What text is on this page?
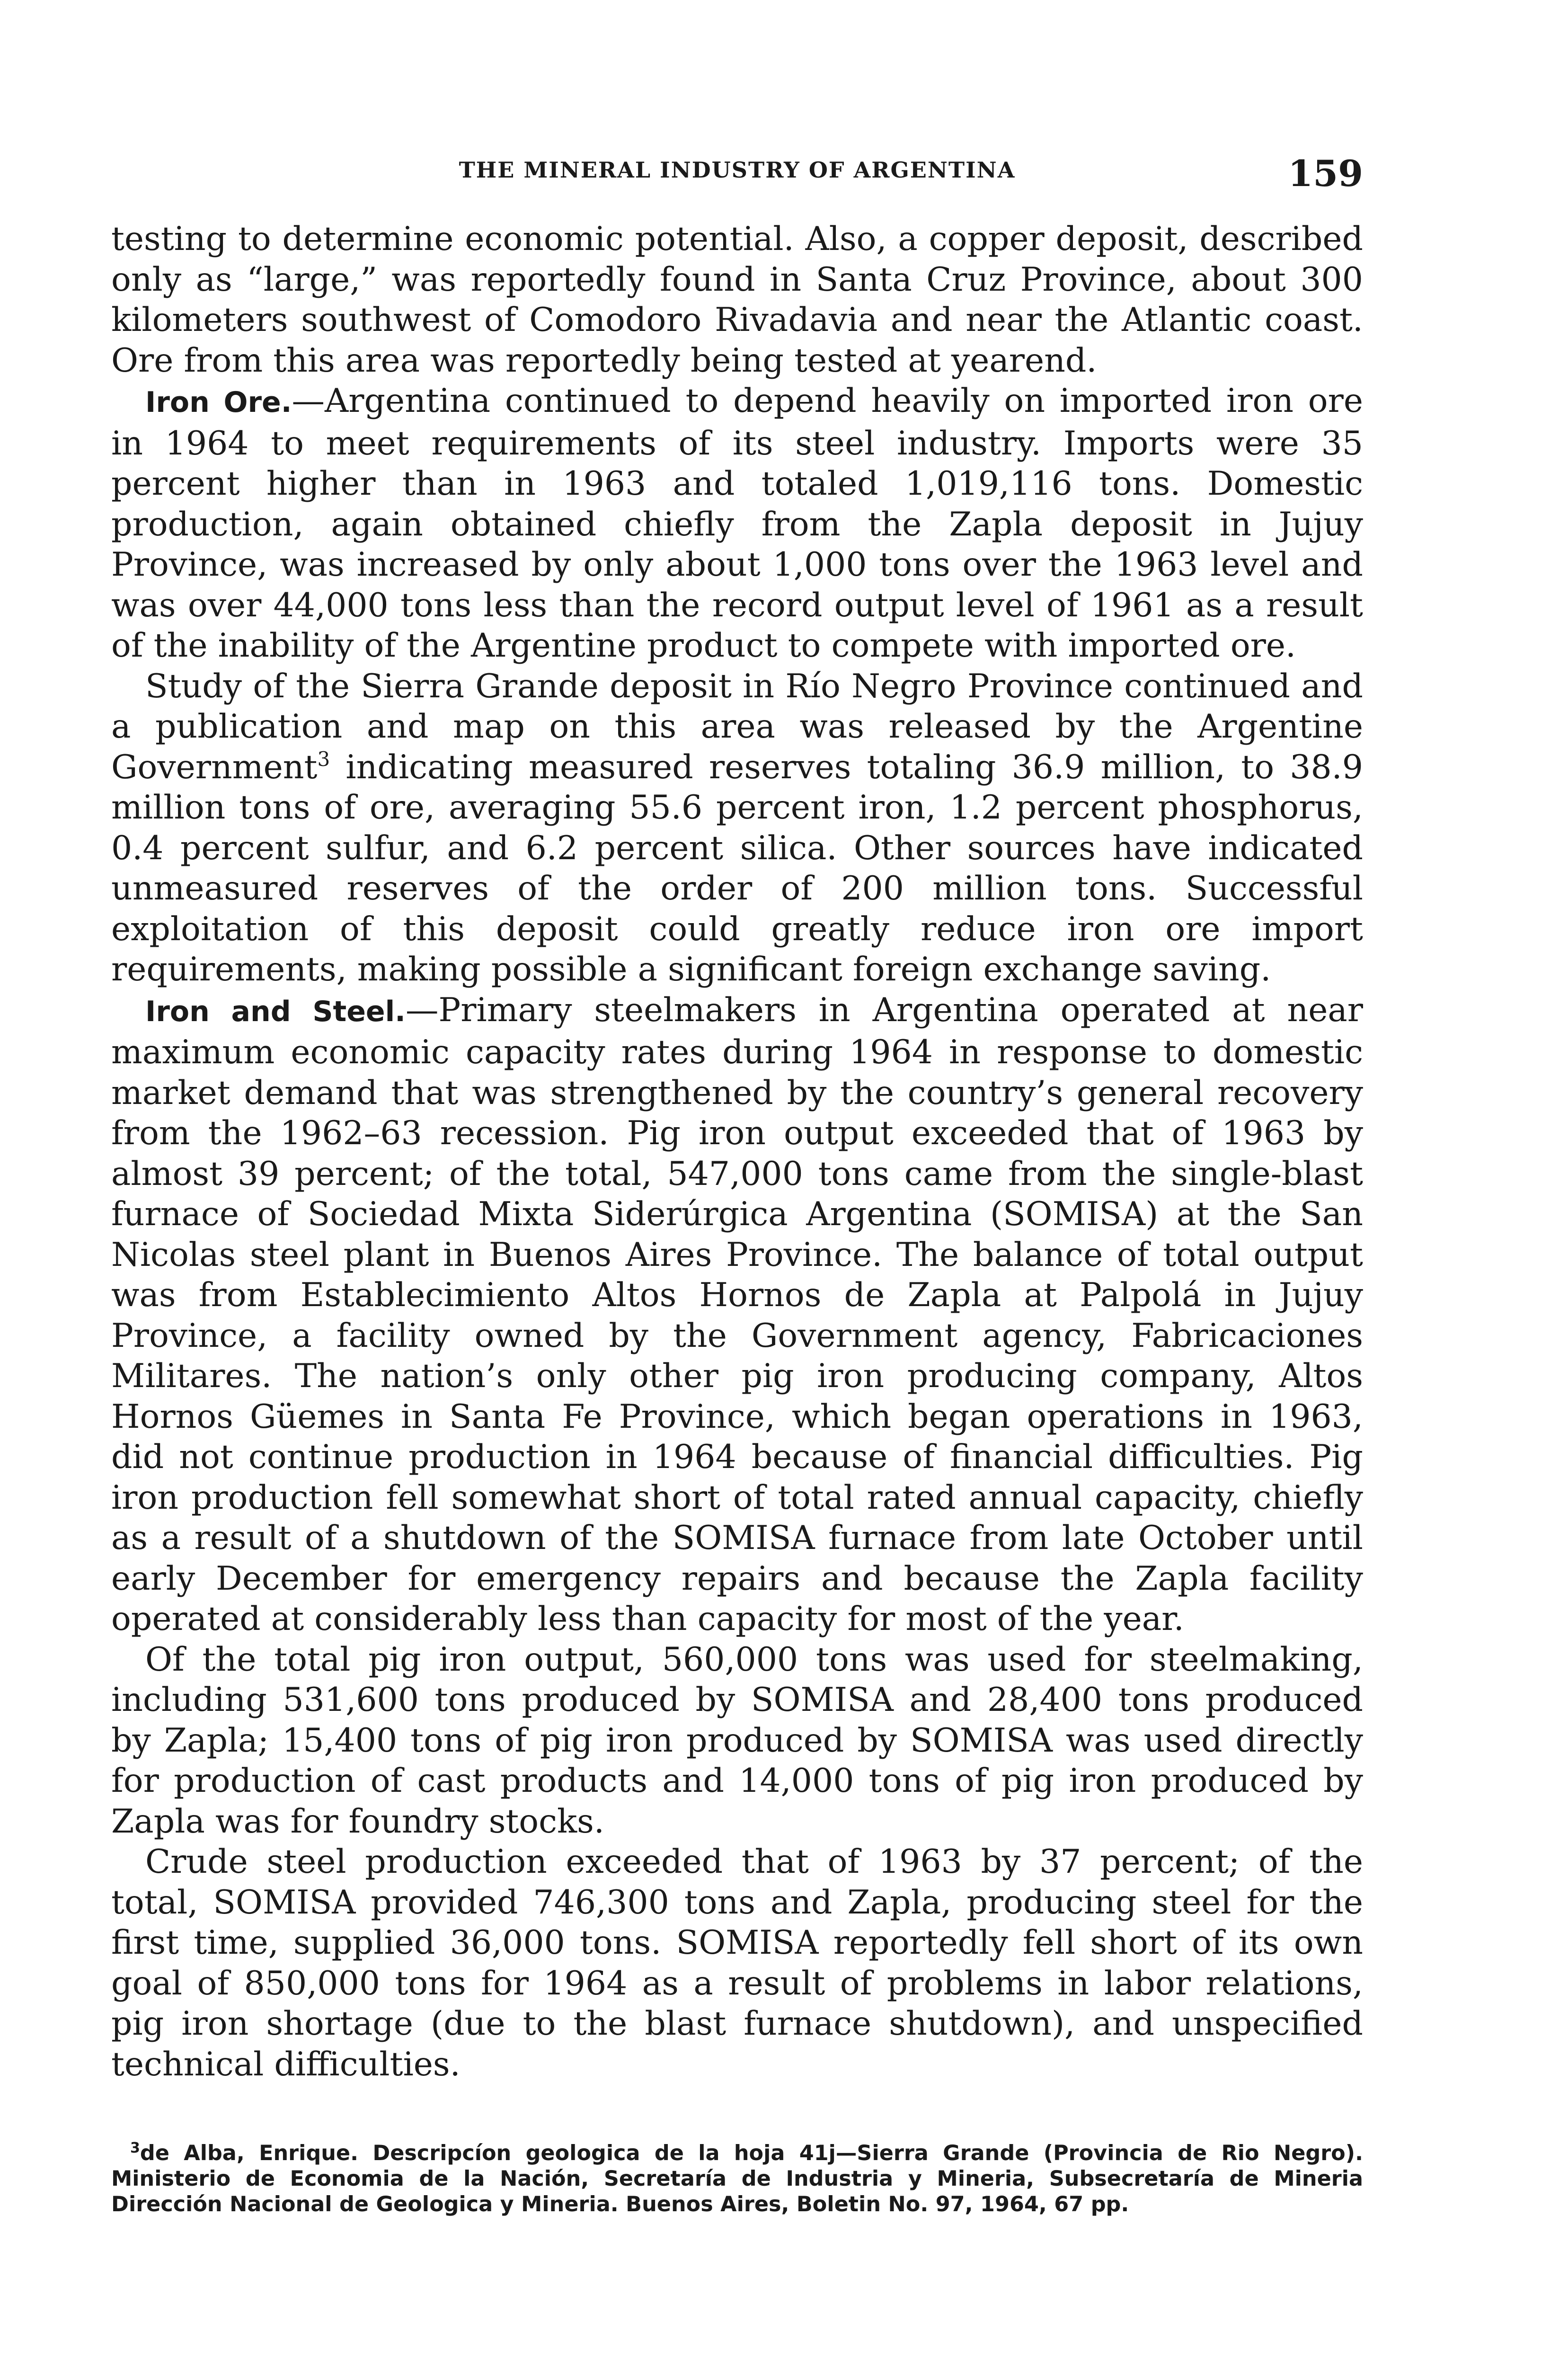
THE MINERAL INDUSTRY OF ARGENTINA	159

testing to determine economic potential. Also, a copper deposit, described only as “large,” was reportedly found in Santa Cruz Province, about 300 kilometers southwest of Comodoro Rivadavia and near the Atlantic coast. Ore from this area was reportedly being tested at yearend.

Iron Ore.—Argentina continued to depend heavily on imported iron ore in 1964 to meet requirements of its steel industry. Imports were 35 percent higher than in 1963 and totaled 1,019,116 tons. Domestic production, again obtained chiefly from the Zapla deposit in Jujuy Province, was increased by only about 1,000 tons over the 1963 level and was over 44,000 tons less than the record output level of 1961 as a result of the inability of the Argentine product to compete with imported ore.

Study of the Sierra Grande deposit in Río Negro Province continued and a publication and map on this area was released by the Argentine Government$^3$ indicating measured reserves totaling 36.9 million, to 38.9 million tons of ore, averaging 55.6 percent iron, 1.2 percent phosphorus, 0.4 percent sulfur, and 6.2 percent silica. Other sources have indicated unmeasured reserves of the order of 200 million tons. Successful exploitation of this deposit could greatly reduce iron ore import requirements, making possible a significant foreign exchange saving.

Iron and Steel.—Primary steelmakers in Argentina operated at near maximum economic capacity rates during 1964 in response to domestic market demand that was strengthened by the country’s general recovery from the 1962–63 recession. Pig iron output exceeded that of 1963 by almost 39 percent; of the total, 547,000 tons came from the single-blast furnace of Sociedad Mixta Siderúrgica Argentina (SOMISA) at the San Nicolas steel plant in Buenos Aires Province. The balance of total output was from Establecimiento Altos Hornos de Zapla at Palpolá in Jujuy Province, a facility owned by the Government agency, Fabricaciones Militares. The nation’s only other pig iron producing company, Altos Hornos Güemes in Santa Fe Province, which began operations in 1963, did not continue production in 1964 because of financial difficulties. Pig iron production fell somewhat short of total rated annual capacity, chiefly as a result of a shutdown of the SOMISA furnace from late October until early December for emergency repairs and because the Zapla facility operated at considerably less than capacity for most of the year.

Of the total pig iron output, 560,000 tons was used for steelmaking, including 531,600 tons produced by SOMISA and 28,400 tons produced by Zapla; 15,400 tons of pig iron produced by SOMISA was used directly for production of cast products and 14,000 tons of pig iron produced by Zapla was for foundry stocks.

Crude steel production exceeded that of 1963 by 37 percent; of the total, SOMISA provided 746,300 tons and Zapla, producing steel for the first time, supplied 36,000 tons. SOMISA reportedly fell short of its own goal of 850,000 tons for 1964 as a result of problems in labor relations, pig iron shortage (due to the blast furnace shutdown), and unspecified technical difficulties.

$^3$de Alba, Enrique. Descripcíon geologica de la hoja 41j—Sierra Grande (Provincia de Rio Negro). Ministerio de Economia de la Nación, Secretaría de Industria y Mineria, Subsecretaría de Mineria Dirección Nacional de Geologica y Mineria. Buenos Aires, Boletin No. 97, 1964, 67 pp.
